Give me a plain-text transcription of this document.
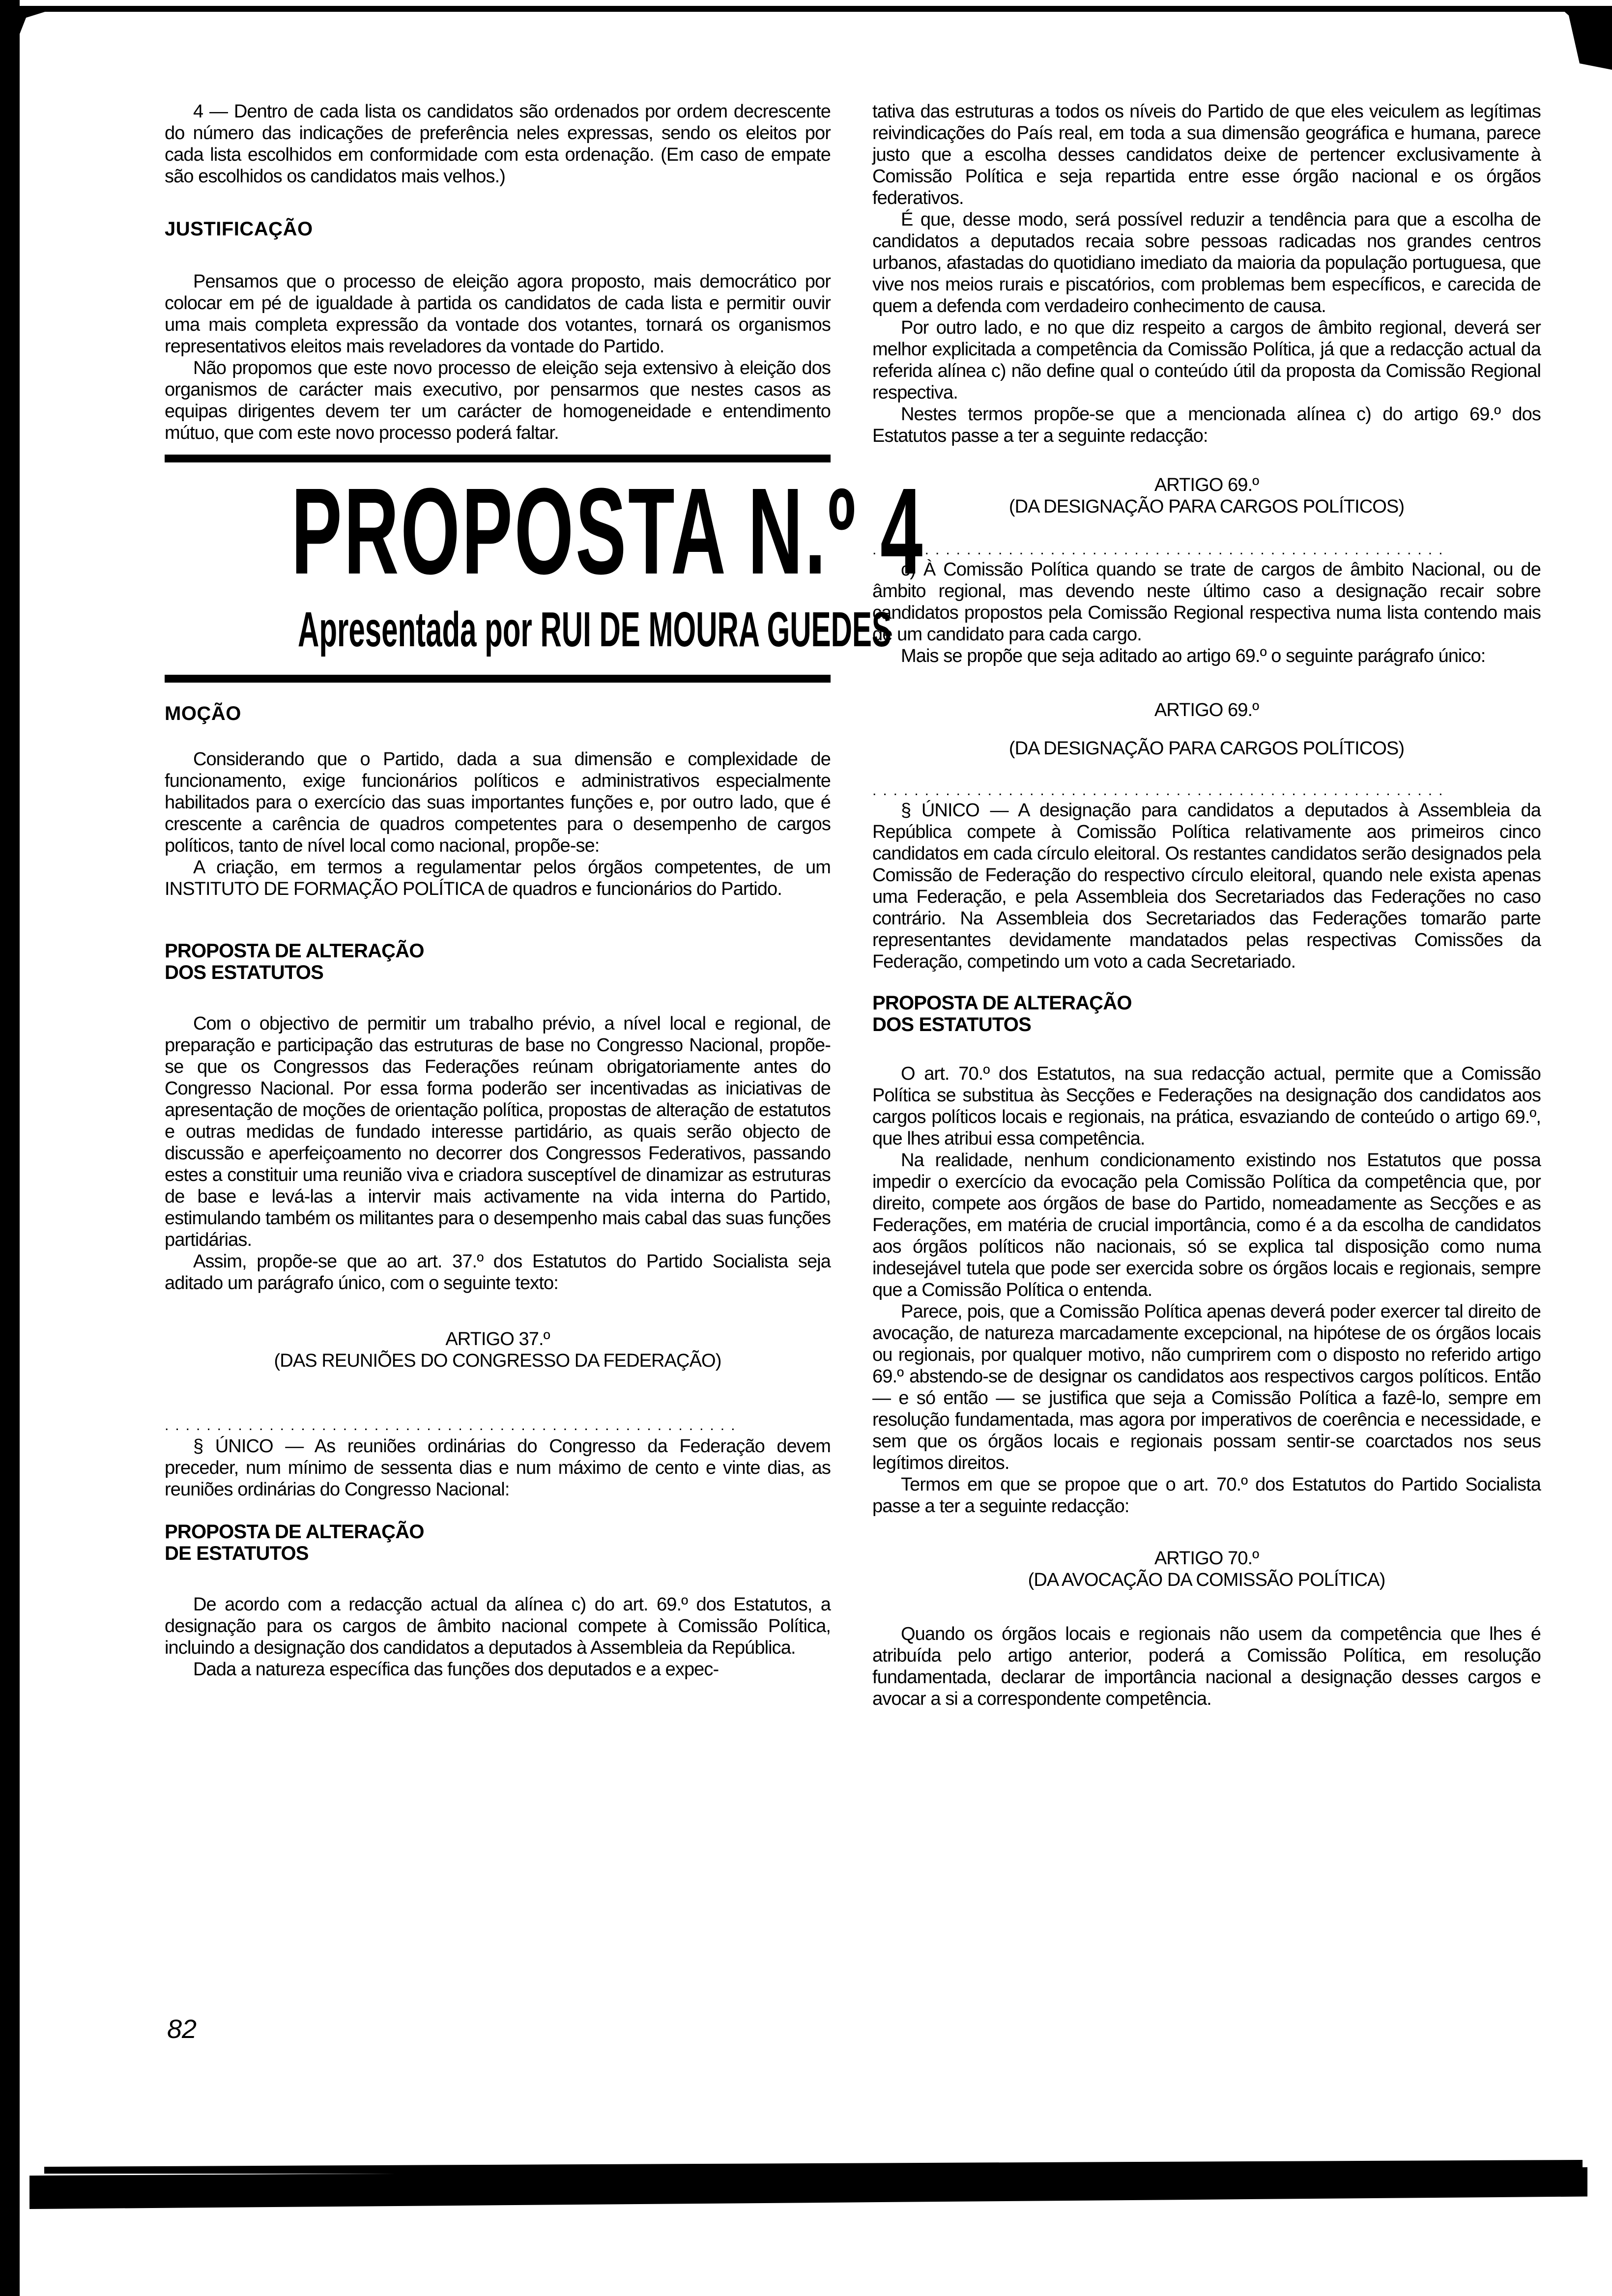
4 — Dentro de cada lista os candidatos são ordenados por ordem decrescente do número das indicações de preferência neles expressas, sendo os eleitos por cada lista escolhidos em conformidade com esta ordenação. (Em caso de empate são escolhidos os candidatos mais velhos.)

JUSTIFICAÇÃO

Pensamos que o processo de eleição agora proposto, mais democrático por colocar em pé de igualdade à partida os candidatos de cada lista e permitir ouvir uma mais completa expressão da vontade dos votantes, tornará os organismos representativos eleitos mais reveladores da vontade do Partido.

Não propomos que este novo processo de eleição seja extensivo à eleição dos organismos de carácter mais executivo, por pensarmos que nestes casos as equipas dirigentes devem ter um carácter de homogeneidade e entendimento mútuo, que com este novo processo poderá faltar.

PROPOSTA N.º 4
Apresentada por RUI DE MOURA GUEDES
MOÇÃO

Considerando que o Partido, dada a sua dimensão e complexidade de funcionamento, exige funcionários políticos e administrativos especialmente habilitados para o exercício das suas importantes funções e, por outro lado, que é crescente a carência de quadros competentes para o desempenho de cargos políticos, tanto de nível local como nacional, propõe-se:

A criação, em termos a regulamentar pelos órgãos competentes, de um INSTITUTO DE FORMAÇÃO POLÍTICA de quadros e funcionários do Partido.

PROPOSTA DE ALTERAÇÃO
DOS ESTATUTOS

Com o objectivo de permitir um trabalho prévio, a nível local e regional, de preparação e participação das estruturas de base no Congresso Nacional, propõe-se que os Congressos das Federações reúnam obrigatoriamente antes do Congresso Nacional. Por essa forma poderão ser incentivadas as iniciativas de apresentação de moções de orientação política, propostas de alteração de estatutos e outras medidas de fundado interesse partidário, as quais serão objecto de discussão e aperfeiçoamento no decorrer dos Congressos Federativos, passando estes a constituir uma reunião viva e criadora susceptível de dinamizar as estruturas de base e levá-las a intervir mais activamente na vida interna do Partido, estimulando também os militantes para o desempenho mais cabal das suas funções partidárias.

Assim, propõe-se que ao art. 37.º dos Estatutos do Partido Socialista seja aditado um parágrafo único, com o seguinte texto:

ARTIGO 37.º
(DAS REUNIÕES DO CONGRESSO DA FEDERAÇÃO)
.......................................................

§ ÚNICO — As reuniões ordinárias do Congresso da Federação devem preceder, num mínimo de sessenta dias e num máximo de cento e vinte dias, as reuniões ordinárias do Congresso Nacional:

PROPOSTA DE ALTERAÇÃO
DE ESTATUTOS

De acordo com a redacção actual da alínea c) do art. 69.º dos Estatutos, a designação para os cargos de âmbito nacional compete à Comissão Política, incluindo a designação dos candidatos a deputados à Assembleia da República.

Dada a natureza específica das funções dos deputados e a expec-

82

tativa das estruturas a todos os níveis do Partido de que eles veiculem as legítimas reivindicações do País real, em toda a sua dimensão geográfica e humana, parece justo que a escolha desses candidatos deixe de pertencer exclusivamente à Comissão Política e seja repartida entre esse órgão nacional e os órgãos federativos.

É que, desse modo, será possível reduzir a tendência para que a escolha de candidatos a deputados recaia sobre pessoas radicadas nos grandes centros urbanos, afastadas do quotidiano imediato da maioria da população portuguesa, que vive nos meios rurais e piscatórios, com problemas bem específicos, e carecida de quem a defenda com verdadeiro conhecimento de causa.

Por outro lado, e no que diz respeito a cargos de âmbito regional, deverá ser melhor explicitada a competência da Comissão Política, já que a redacção actual da referida alínea c) não define qual o conteúdo útil da proposta da Comissão Regional respectiva.

Nestes termos propõe-se que a mencionada alínea c) do artigo 69.º dos Estatutos passe a ter a seguinte redacção:

ARTIGO 69.º
(DA DESIGNAÇÃO PARA CARGOS POLÍTICOS)
.......................................................

c) À Comissão Política quando se trate de cargos de âmbito Nacional, ou de âmbito regional, mas devendo neste último caso a designação recair sobre candidatos propostos pela Comissão Regional respectiva numa lista contendo mais de um candidato para cada cargo.

Mais se propõe que seja aditado ao artigo 69.º o seguinte parágrafo único:

ARTIGO 69.º
(DA DESIGNAÇÃO PARA CARGOS POLÍTICOS)
.......................................................

§ ÚNICO — A designação para candidatos a deputados à Assembleia da República compete à Comissão Política relativamente aos primeiros cinco candidatos em cada círculo eleitoral. Os restantes candidatos serão designados pela Comissão de Federação do respectivo círculo eleitoral, quando nele exista apenas uma Federação, e pela Assembleia dos Secretariados das Federações no caso contrário. Na Assembleia dos Secretariados das Federações tomarão parte representantes devidamente mandatados pelas respectivas Comissões da Federação, competindo um voto a cada Secretariado.

PROPOSTA DE ALTERAÇÃO
DOS ESTATUTOS

O art. 70.º dos Estatutos, na sua redacção actual, permite que a Comissão Política se substitua às Secções e Federações na designação dos candidatos aos cargos políticos locais e regionais, na prática, esvaziando de conteúdo o artigo 69.º, que lhes atribui essa competência.

Na realidade, nenhum condicionamento existindo nos Estatutos que possa impedir o exercício da evocação pela Comissão Política da competência que, por direito, compete aos órgãos de base do Partido, nomeadamente as Secções e as Federações, em matéria de crucial importância, como é a da escolha de candidatos aos órgãos políticos não nacionais, só se explica tal disposição como numa indesejável tutela que pode ser exercida sobre os órgãos locais e regionais, sempre que a Comissão Política o entenda.

Parece, pois, que a Comissão Política apenas deverá poder exercer tal direito de avocação, de natureza marcadamente excepcional, na hipótese de os órgãos locais ou regionais, por qualquer motivo, não cumprirem com o disposto no referido artigo 69.º abstendo-se de designar os candidatos aos respectivos cargos políticos. Então — e só então — se justifica que seja a Comissão Política a fazê-lo, sempre em resolução fundamentada, mas agora por imperativos de coerência e necessidade, e sem que os órgãos locais e regionais possam sentir-se coarctados nos seus legítimos direitos.

Termos em que se propoe que o art. 70.º dos Estatutos do Partido Socialista passe a ter a seguinte redacção:

ARTIGO 70.º
(DA AVOCAÇÃO DA COMISSÃO POLÍTICA)

Quando os órgãos locais e regionais não usem da competência que lhes é atribuída pelo artigo anterior, poderá a Comissão Política, em resolução fundamentada, declarar de importância nacional a designação desses cargos e avocar a si a correspondente competência.
